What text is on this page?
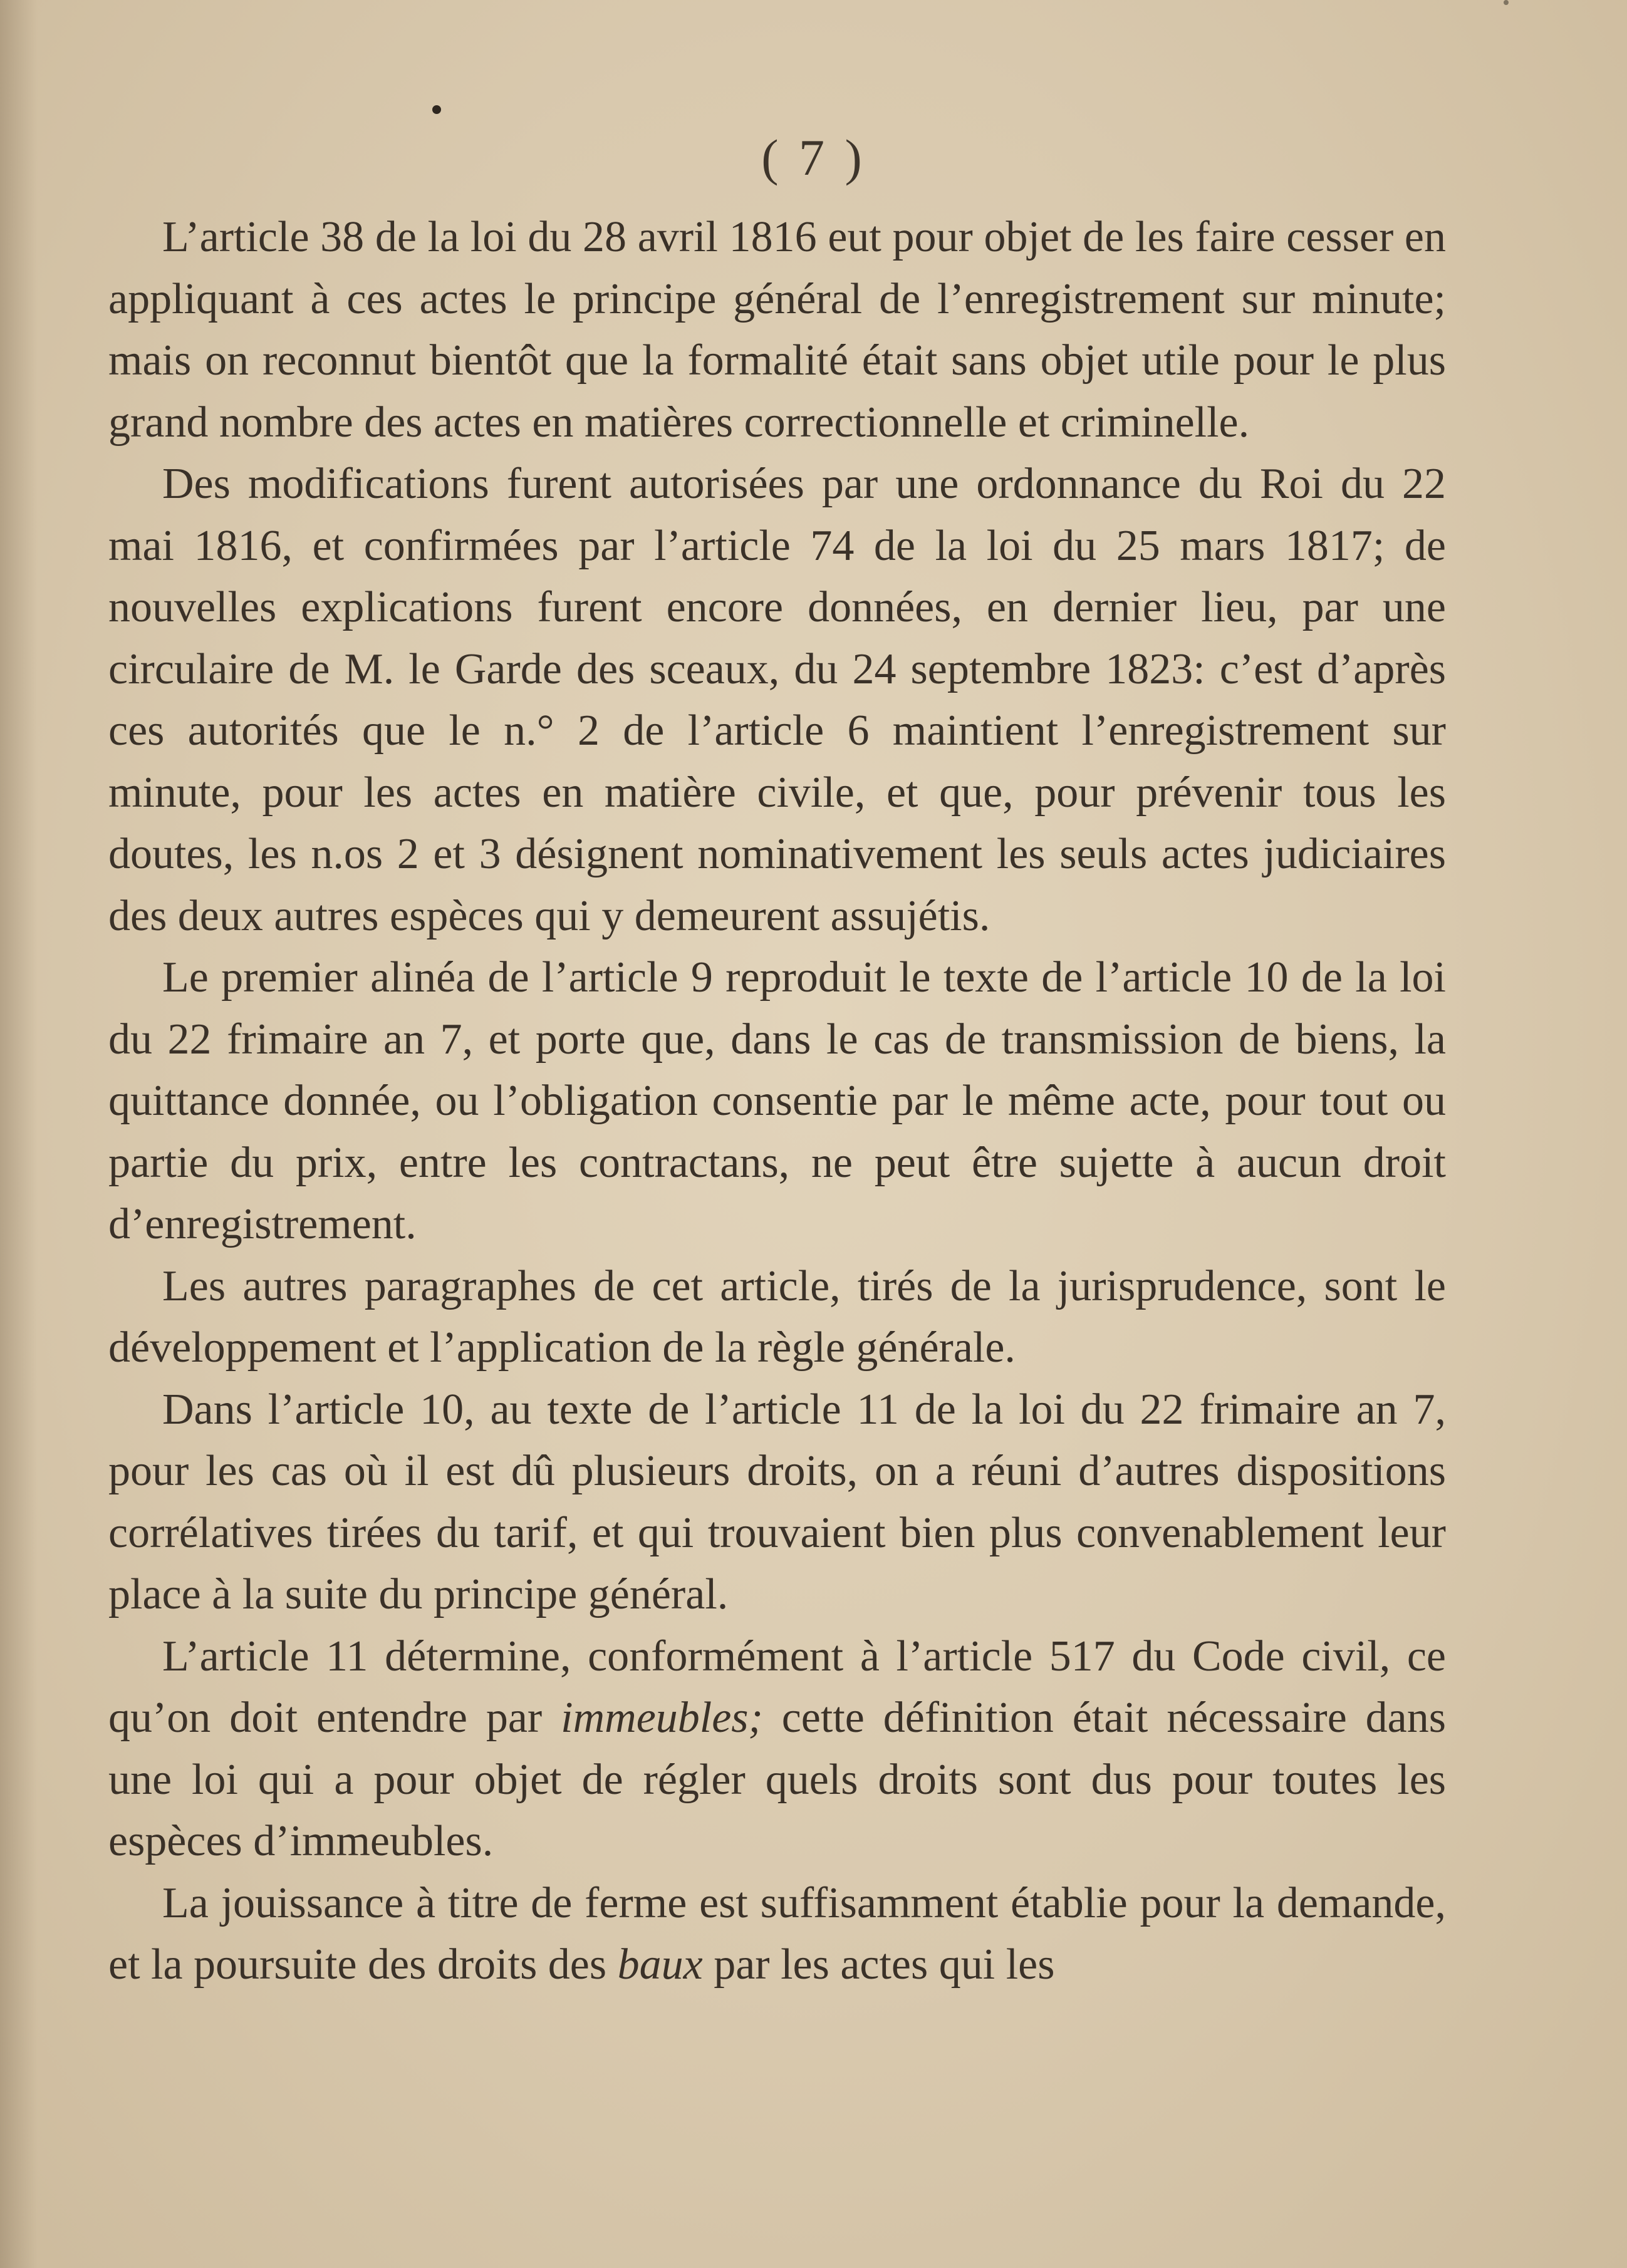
( 7 )

L’article 38 de la loi du 28 avril 1816 eut pour objet de les faire cesser en appliquant à ces actes le principe général de l’enregistrement sur minute; mais on reconnut bientôt que la formalité était sans objet utile pour le plus grand nombre des actes en matières correctionnelle et criminelle.

Des modifications furent autorisées par une ordonnance du Roi du 22 mai 1816, et confirmées par l’article 74 de la loi du 25 mars 1817; de nouvelles explications furent encore données, en dernier lieu, par une circulaire de M. le Garde des sceaux, du 24 septembre 1823: c’est d’après ces autorités que le n.° 2 de l’article 6 maintient l’enregistrement sur minute, pour les actes en matière civile, et que, pour prévenir tous les doutes, les n.os 2 et 3 désignent nominativement les seuls actes judiciaires des deux autres espèces qui y demeurent assujétis.

Le premier alinéa de l’article 9 reproduit le texte de l’article 10 de la loi du 22 frimaire an 7, et porte que, dans le cas de transmission de biens, la quittance donnée, ou l’obligation consentie par le même acte, pour tout ou partie du prix, entre les contractans, ne peut être sujette à aucun droit d’enregistrement.

Les autres paragraphes de cet article, tirés de la jurisprudence, sont le développement et l’application de la règle générale.

Dans l’article 10, au texte de l’article 11 de la loi du 22 frimaire an 7, pour les cas où il est dû plusieurs droits, on a réuni d’autres dispositions corrélatives tirées du tarif, et qui trouvaient bien plus convenablement leur place à la suite du principe général.

L’article 11 détermine, conformément à l’article 517 du Code civil, ce qu’on doit entendre par immeubles; cette définition était nécessaire dans une loi qui a pour objet de régler quels droits sont dus pour toutes les espèces d’immeubles.

La jouissance à titre de ferme est suffisamment établie pour la demande, et la poursuite des droits des baux par les actes qui les
